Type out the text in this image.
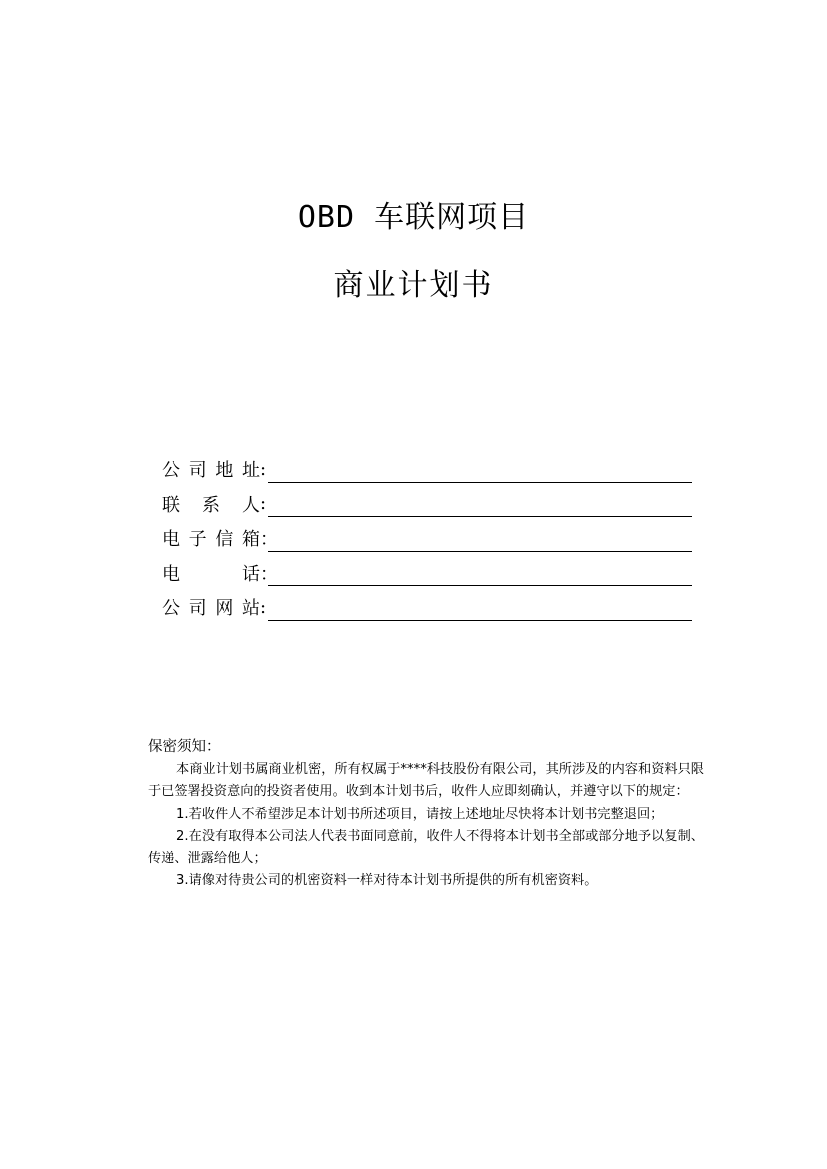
OBD 车联网项目
商业计划书
公司地址 :
联系人 :
电子信箱 ：
电话 ：
公司网站 :
保密须知：

本商业计划书属商业机密，所有权属于****科技股份有限公司，其所涉及的内容和资料只限于已签署投资意向的投资者使用。收到本计划书后，收件人应即刻确认，并遵守以下的规定：

1.若收件人不希望涉足本计划书所述项目，请按上述地址尽快将本计划书完整退回；

2.在没有取得本公司法人代表书面同意前，收件人不得将本计划书全部或部分地予以复制、传递、泄露给他人；

3.请像对待贵公司的机密资料一样对待本计划书所提供的所有机密资料。
